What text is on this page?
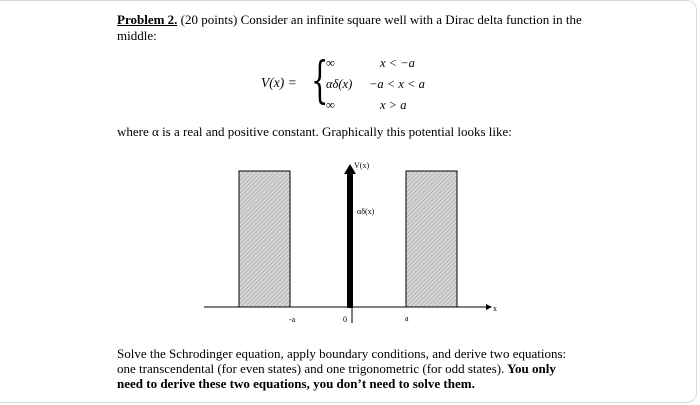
Problem 2. (20 points) Consider an infinite square well with a Dirac delta function in the
middle:
V(x) = {
∞	x < −a
αδ(x) −a < x < a
∞	x > a
where α is a real and positive constant. Graphically this potential looks like:
V(x)
αδ(x)
x
-a	0	a
Solve the Schrodinger equation, apply boundary conditions, and derive two equations:
one transcendental (for even states) and one trigonometric (for odd states). You only
need to derive these two equations, you don’t need to solve them.
